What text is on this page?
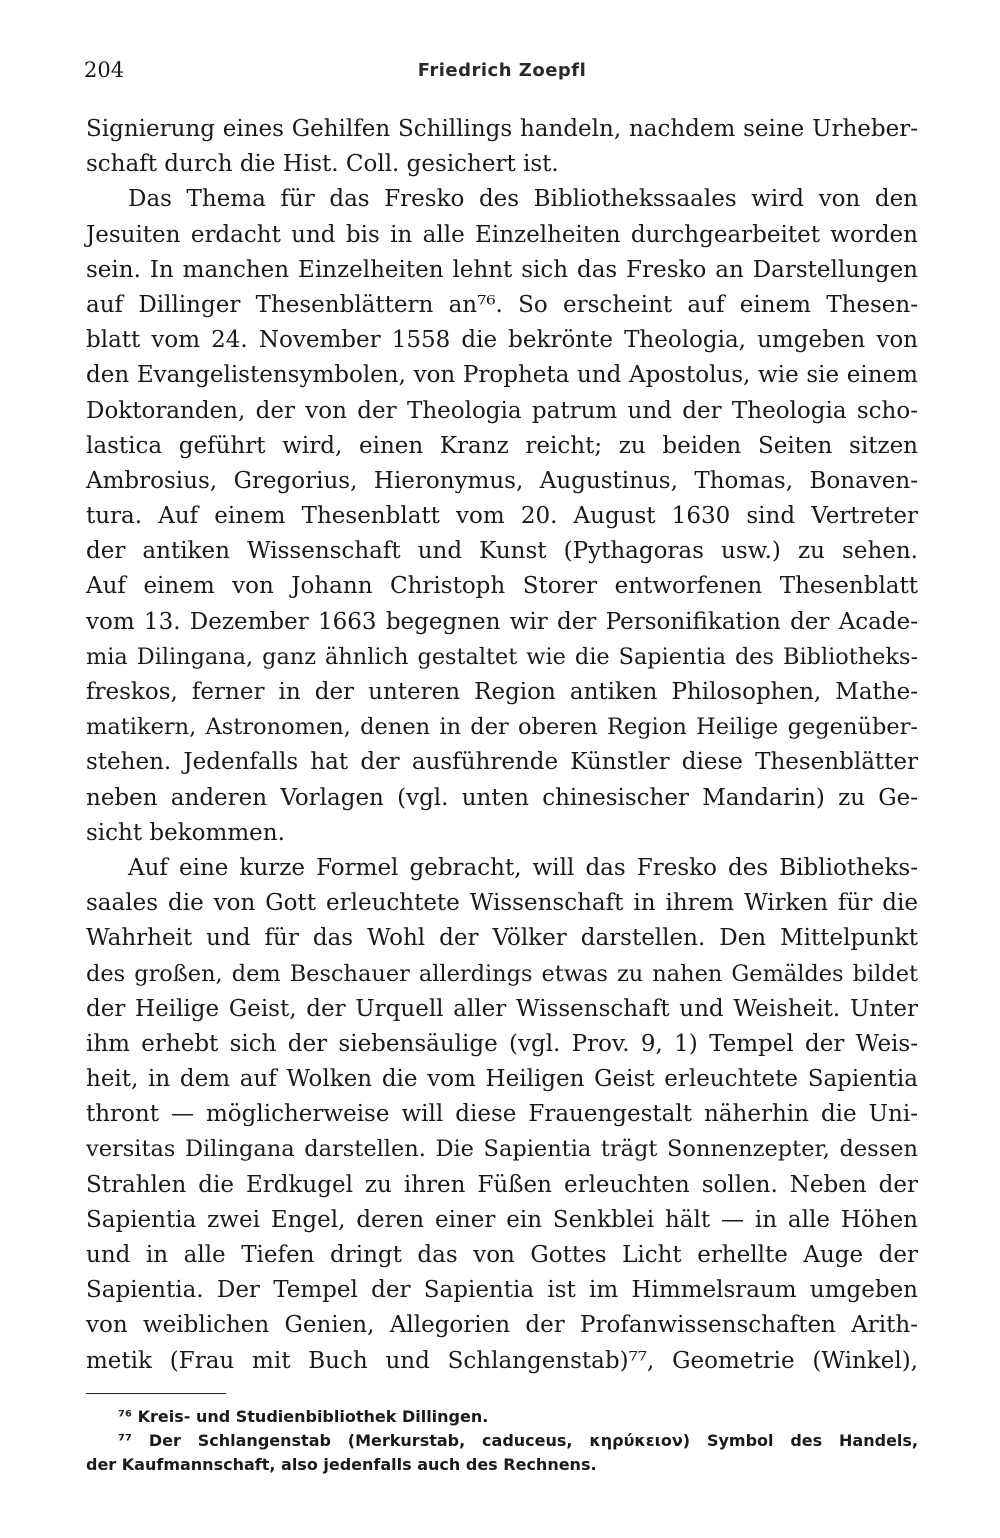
204	Friedrich Zoepfl
Signierung eines Gehilfen Schillings handeln, nachdem seine Urheber-
schaft durch die Hist. Coll. gesichert ist.
Das Thema für das Fresko des Bibliothekssaales wird von den
Jesuiten erdacht und bis in alle Einzelheiten durchgearbeitet worden
sein. In manchen Einzelheiten lehnt sich das Fresko an Darstellungen
auf Dillinger Thesenblättern an⁷⁶. So erscheint auf einem Thesen-
blatt vom 24. November 1558 die bekrönte Theologia, umgeben von
den Evangelistensymbolen, von Propheta und Apostolus, wie sie einem
Doktoranden, der von der Theologia patrum und der Theologia scho-
lastica geführt wird, einen Kranz reicht; zu beiden Seiten sitzen
Ambrosius, Gregorius, Hieronymus, Augustinus, Thomas, Bonaven-
tura. Auf einem Thesenblatt vom 20. August 1630 sind Vertreter
der antiken Wissenschaft und Kunst (Pythagoras usw.) zu sehen.
Auf einem von Johann Christoph Storer entworfenen Thesenblatt
vom 13. Dezember 1663 begegnen wir der Personifikation der Acade-
mia Dilingana, ganz ähnlich gestaltet wie die Sapientia des Bibliotheks-
freskos, ferner in der unteren Region antiken Philosophen, Mathe-
matikern, Astronomen, denen in der oberen Region Heilige gegenüber-
stehen. Jedenfalls hat der ausführende Künstler diese Thesenblätter
neben anderen Vorlagen (vgl. unten chinesischer Mandarin) zu Ge-
sicht bekommen.
Auf eine kurze Formel gebracht, will das Fresko des Bibliotheks-
saales die von Gott erleuchtete Wissenschaft in ihrem Wirken für die
Wahrheit und für das Wohl der Völker darstellen. Den Mittelpunkt
des großen, dem Beschauer allerdings etwas zu nahen Gemäldes bildet
der Heilige Geist, der Urquell aller Wissenschaft und Weisheit. Unter
ihm erhebt sich der siebensäulige (vgl. Prov. 9, 1) Tempel der Weis-
heit, in dem auf Wolken die vom Heiligen Geist erleuchtete Sapientia
thront — möglicherweise will diese Frauengestalt näherhin die Uni-
versitas Dilingana darstellen. Die Sapientia trägt Sonnenzepter, dessen
Strahlen die Erdkugel zu ihren Füßen erleuchten sollen. Neben der
Sapientia zwei Engel, deren einer ein Senkblei hält — in alle Höhen
und in alle Tiefen dringt das von Gottes Licht erhellte Auge der
Sapientia. Der Tempel der Sapientia ist im Himmelsraum umgeben
von weiblichen Genien, Allegorien der Profanwissenschaften Arith-
metik (Frau mit Buch und Schlangenstab)⁷⁷, Geometrie (Winkel),
⁷⁶ Kreis- und Studienbibliothek Dillingen.
⁷⁷ Der Schlangenstab (Merkurstab, caduceus, κηρύκειον) Symbol des Handels,
der Kaufmannschaft, also jedenfalls auch des Rechnens.
